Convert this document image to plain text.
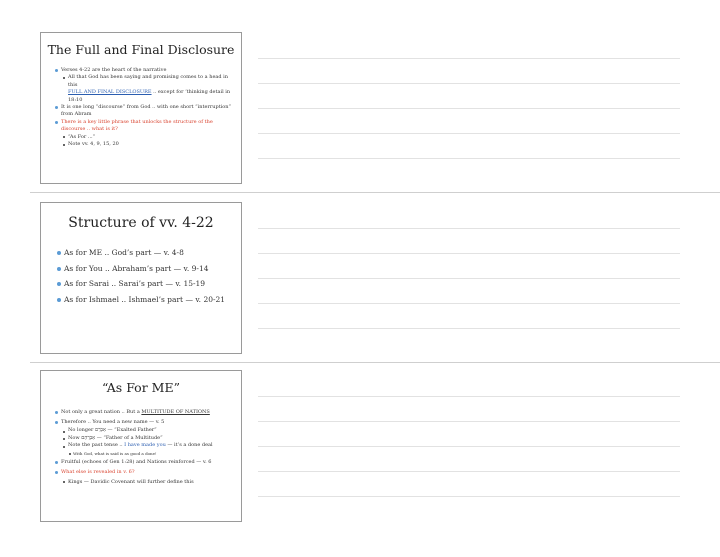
The Full and Final Disclosure
Verses 4-22 are the heart of the narrative
All that God has been saying and promising comes to a head in this
FULL AND FINAL DISCLOSURE .. except for ‘thinking detail in 18:10
It is one long “discourse” from God .. with one short “interruption” from Abram
There is a key little phrase that unlocks the structure of the discourse .. what is it?
“As For ...”
Note vv. 4, 9, 15, 20
Structure of vv. 4-22
As for ME .. God’s part — v. 4-8
As for You .. Abraham’s part — v. 9-14
As for Sarai .. Sarai’s part — v. 15-19
As for Ishmael .. Ishmael’s part — v. 20-21
“As For ME”
Not only a great nation .. But a MULTITUDE OF NATIONS
Therefore .. You need a new name — v. 5
No longer אַבְרָם — “Exalted Father”
Now אַבְרָהָם — “Father of a Multitude”
Note the past tense .. I have made you — it’s a done deal
With God, what is said is as good a done!
Fruitful (echoes of Gen 1:28) and Nations reinforced — v. 6
What else is revealed in v. 6?
Kings — Davidic Covenant will further define this
